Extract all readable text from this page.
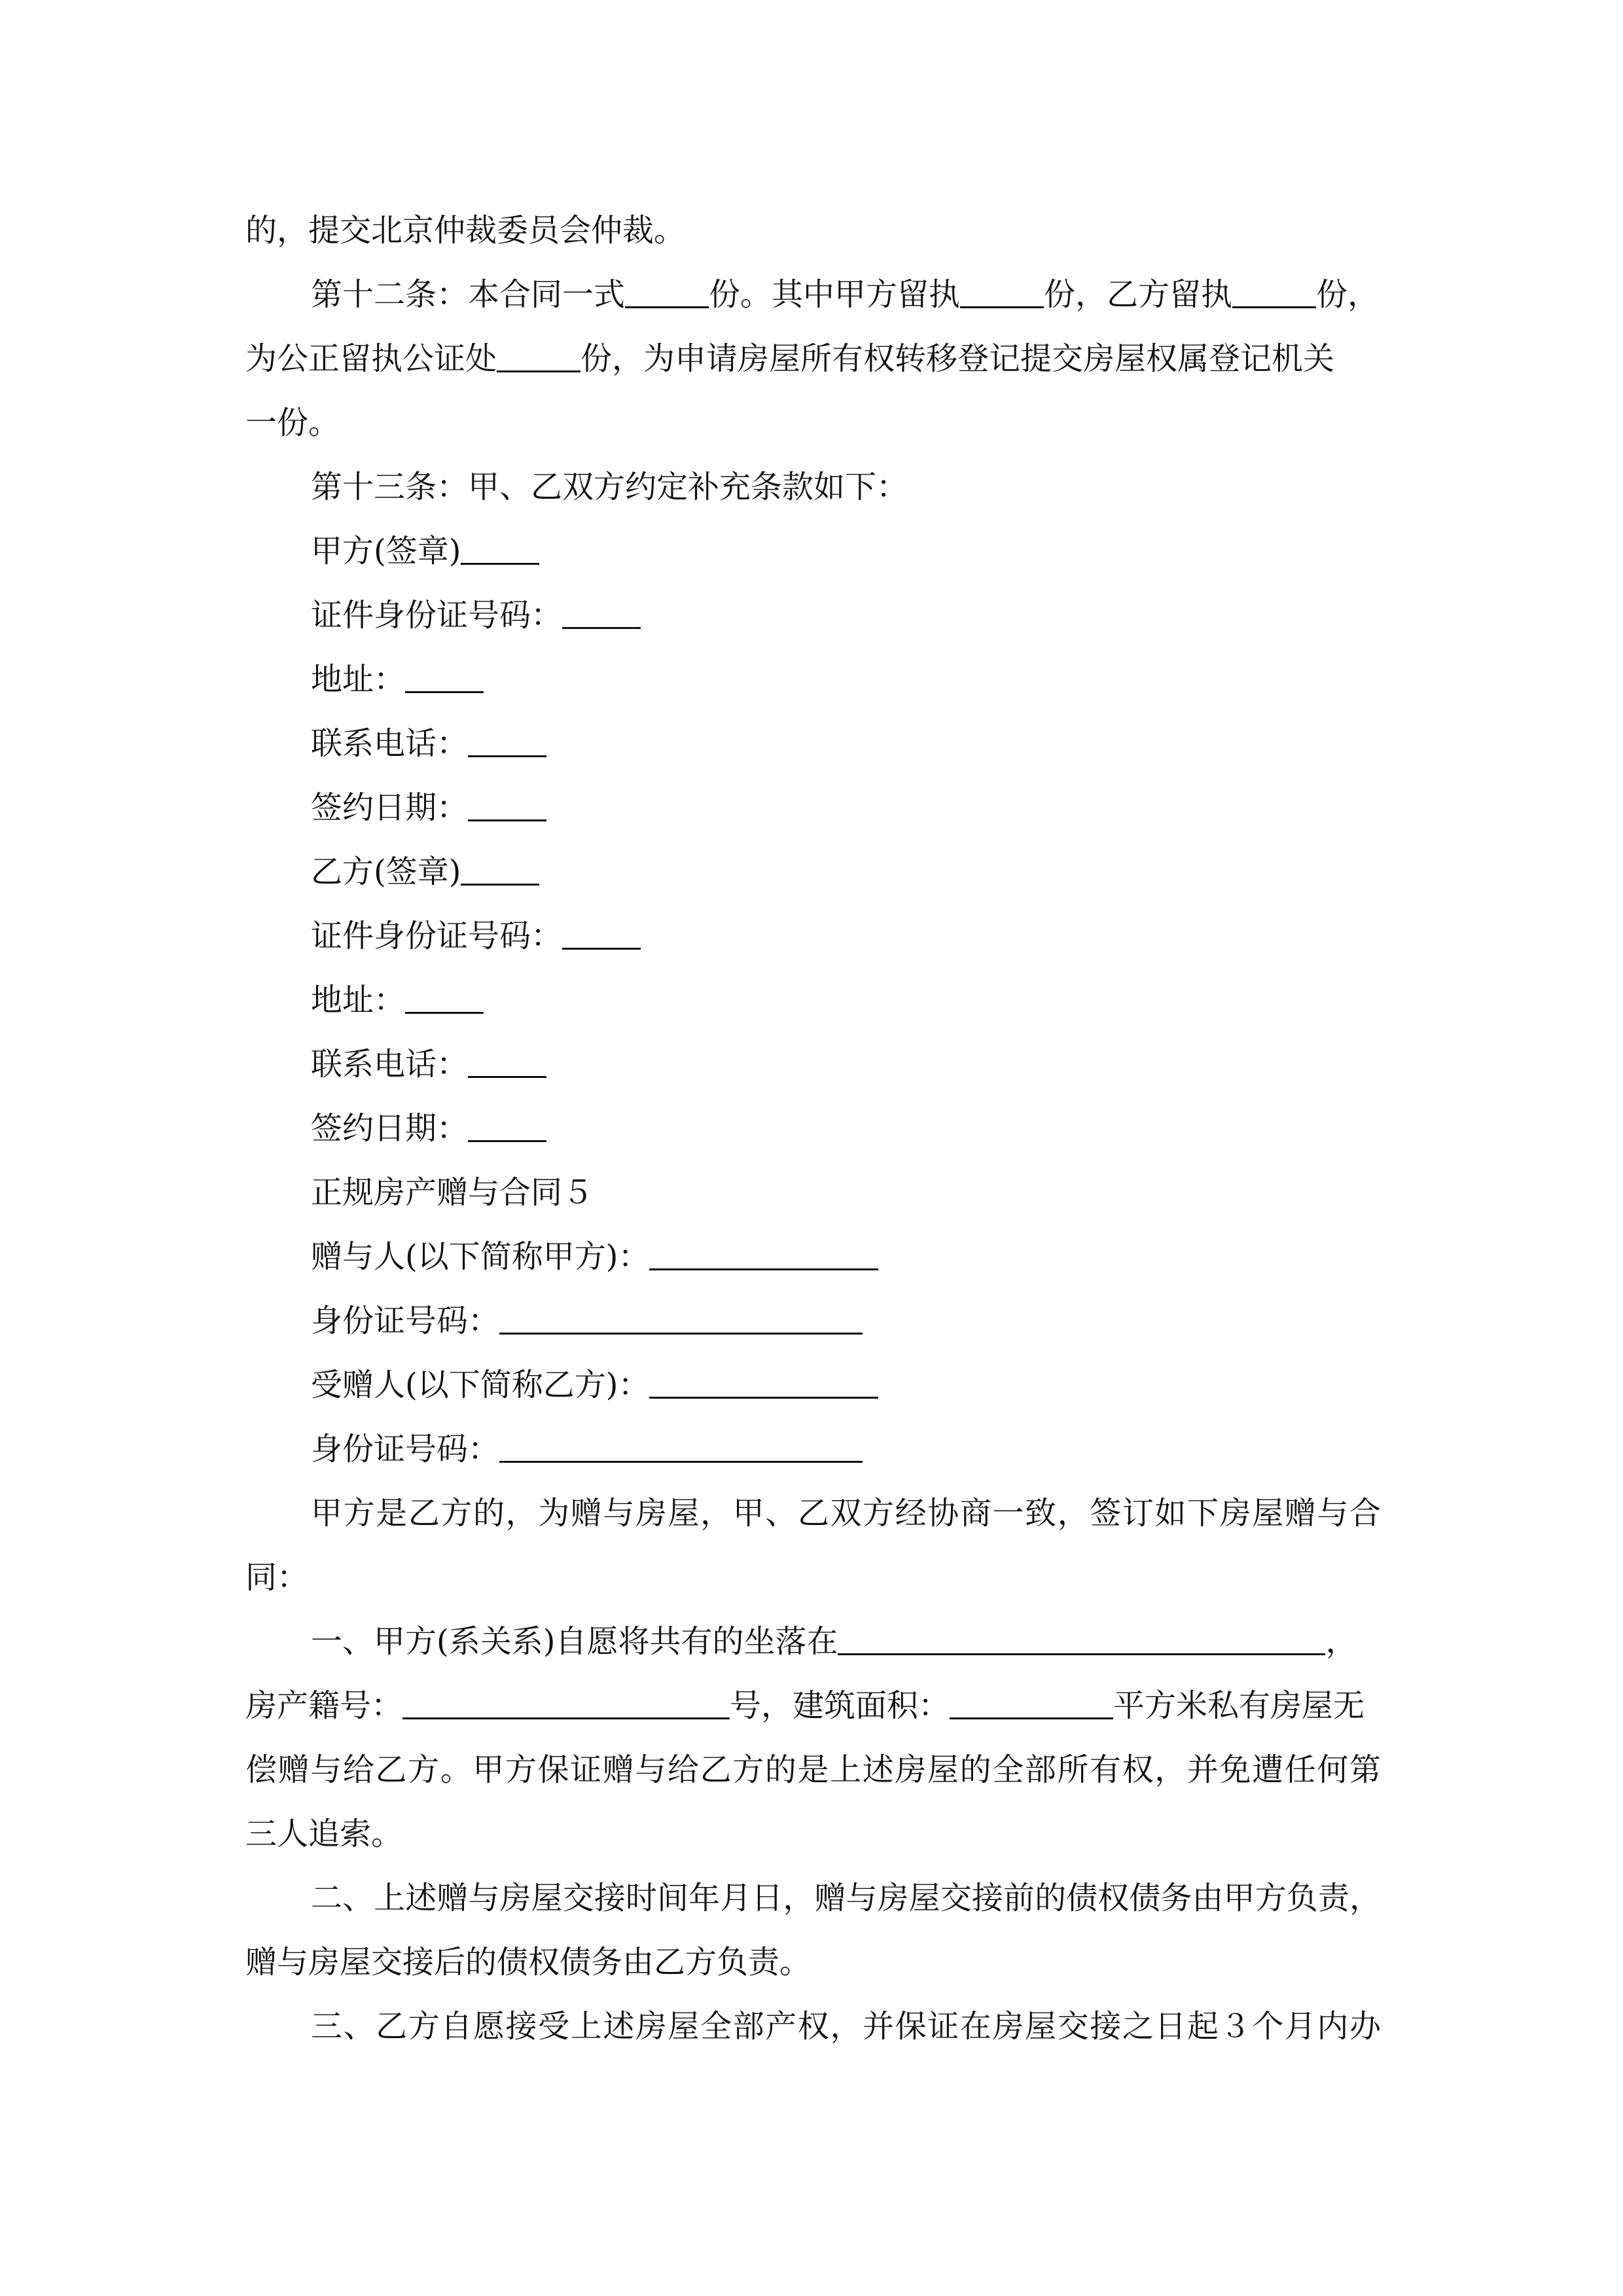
的，提交北京仲裁委员会仲裁。
第十二条：本合同一式	份。其中甲方留执	份，乙方留执	份，
为公正留执公证处	份，为申请房屋所有权转移登记提交房屋权属登记机关
一份。
第十三条：甲、乙双方约定补充条款如下：
甲方(签章)
证件身份证号码：
地址：
联系电话：
签约日期：
乙方(签章)
证件身份证号码：
地址：
联系电话：
签约日期：
正规房产赠与合同５
赠与人(以下简称甲方)：
身份证号码：
受赠人(以下简称乙方)：
身份证号码：
甲方是乙方的，为赠与房屋，甲、乙双方经协商一致，签订如下房屋赠与合
同：
一、甲方(系关系)自愿将共有的坐落在	，
房产籍号：	号，建筑面积：	平方米私有房屋无
偿赠与给乙方。甲方保证赠与给乙方的是上述房屋的全部所有权，并免遭任何第
三人追索。
二、上述赠与房屋交接时间年月日，赠与房屋交接前的债权债务由甲方负责，
赠与房屋交接后的债权债务由乙方负责。
三、乙方自愿接受上述房屋全部产权，并保证在房屋交接之日起３个月内办
